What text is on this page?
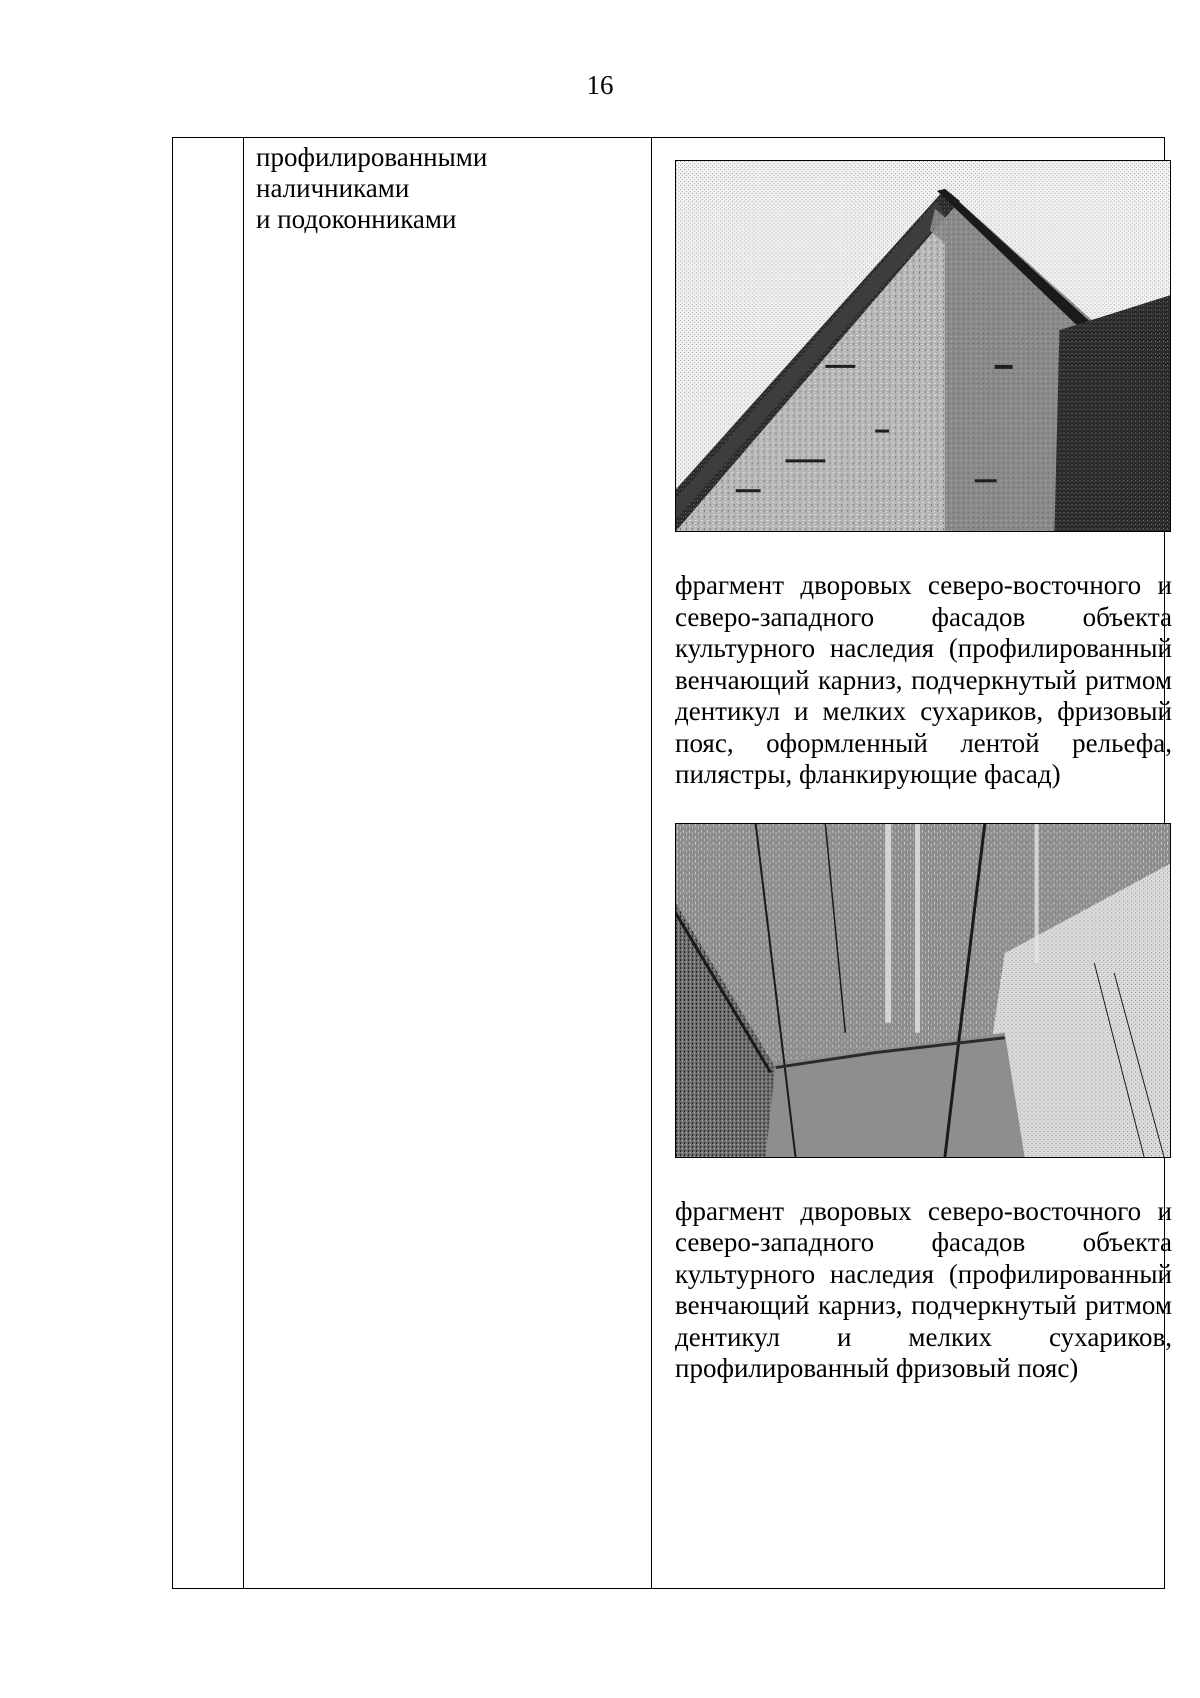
16

профилированными
наличниками
и подоконниками

фрагмент дворовых северо-восточного и северо-западного фасадов объекта культурного наследия (профилированный венчающий карниз, подчеркнутый ритмом дентикул и мелких сухариков, фризовый пояс, оформленный лентой рельефа, пилястры, фланкирующие фасад)
фрагмент дворовых северо-восточного и северо-западного фасадов объекта культурного наследия (профилированный венчающий карниз, подчеркнутый ритмом дентикул и мелких сухариков, профилированный фризовый пояс)
